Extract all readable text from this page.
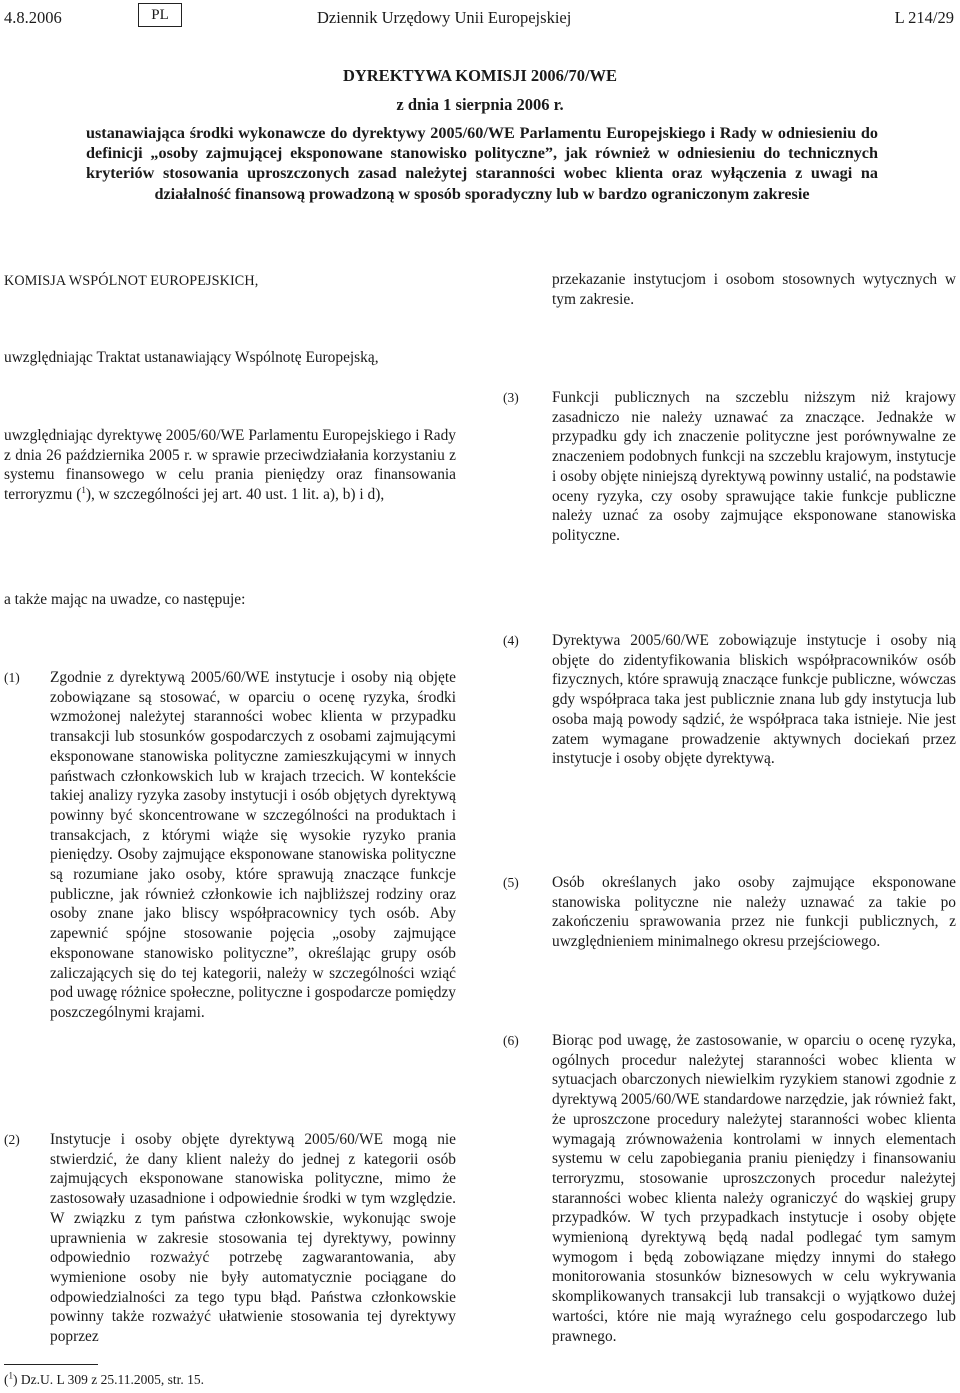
4.8.2006	PL	Dziennik Urzędowy Unii Europejskiej	L 214/29
DYREKTYWA KOMISJI 2006/70/WE
z dnia 1 sierpnia 2006 r.
ustanawiająca środki wykonawcze do dyrektywy 2005/60/WE Parlamentu Europejskiego i Rady w odniesieniu do definicji „osoby zajmującej eksponowane stanowisko polityczne”, jak również w odniesieniu do technicznych kryteriów stosowania uproszczonych zasad należytej staranności wobec klienta oraz wyłączenia z uwagi na działalność finansową prowadzoną w sposób sporadyczny lub w bardzo ograniczonym zakresie
KOMISJA WSPÓLNOT EUROPEJSKICH,
uwzględniając Traktat ustanawiający Wspólnotę Europejską,
uwzględniając dyrektywę 2005/60/WE Parlamentu Europejskiego i Rady z dnia 26 października 2005 r. w sprawie przeciwdziałania korzystaniu z systemu finansowego w celu prania pieniędzy oraz finansowania terroryzmu ($^1$), w szczególności jej art. 40 ust. 1 lit. a), b) i d),
a także mając na uwadze, co następuje:
(1) Zgodnie z dyrektywą 2005/60/WE instytucje i osoby nią objęte zobowiązane są stosować, w oparciu o ocenę ryzyka, środki wzmożonej należytej staranności wobec klienta w przypadku transakcji lub stosunków gospodarczych z osobami zajmującymi eksponowane stanowiska polityczne zamieszkującymi w innych państwach członkowskich lub w krajach trzecich. W kontekście takiej analizy ryzyka zasoby instytucji i osób objętych dyrektywą powinny być skoncentrowane w szczególności na produktach i transakcjach, z którymi wiąże się wysokie ryzyko prania pieniędzy. Osoby zajmujące eksponowane stanowiska polityczne są rozumiane jako osoby, które sprawują znaczące funkcje publiczne, jak również członkowie ich najbliższej rodziny oraz osoby znane jako bliscy współpracownicy tych osób. Aby zapewnić spójne stosowanie pojęcia „osoby zajmujące eksponowane stanowisko polityczne”, określając grupy osób zaliczających się do tej kategorii, należy w szczególności wziąć pod uwagę różnice społeczne, polityczne i gospodarcze pomiędzy poszczególnymi krajami.
(2) Instytucje i osoby objęte dyrektywą 2005/60/WE mogą nie stwierdzić, że dany klient należy do jednej z kategorii osób zajmujących eksponowane stanowiska polityczne, mimo że zastosowały uzasadnione i odpowiednie środki w tym względzie. W związku z tym państwa członkowskie, wykonując swoje uprawnienia w zakresie stosowania tej dyrektywy, powinny odpowiednio rozważyć potrzebę zagwarantowania, aby wymienione osoby nie były automatycznie pociągane do odpowiedzialności za tego typu błąd. Państwa członkowskie powinny także rozważyć ułatwienie stosowania tej dyrektywy poprzez
przekazanie instytucjom i osobom stosownych wytycznych w tym zakresie.
(3) Funkcji publicznych na szczeblu niższym niż krajowy zasadniczo nie należy uznawać za znaczące. Jednakże w przypadku gdy ich znaczenie polityczne jest porównywalne ze znaczeniem podobnych funkcji na szczeblu krajowym, instytucje i osoby objęte niniejszą dyrektywą powinny ustalić, na podstawie oceny ryzyka, czy osoby sprawujące takie funkcje publiczne należy uznać za osoby zajmujące eksponowane stanowiska polityczne.
(4) Dyrektywa 2005/60/WE zobowiązuje instytucje i osoby nią objęte do zidentyfikowania bliskich współpracowników osób fizycznych, które sprawują znaczące funkcje publiczne, wówczas gdy współpraca taka jest publicznie znana lub gdy instytucja lub osoba mają powody sądzić, że współpraca taka istnieje. Nie jest zatem wymagane prowadzenie aktywnych dociekań przez instytucje i osoby objęte dyrektywą.
(5) Osób określanych jako osoby zajmujące eksponowane stanowiska polityczne nie należy uznawać za takie po zakończeniu sprawowania przez nie funkcji publicznych, z uwzględnieniem minimalnego okresu przejściowego.
(6) Biorąc pod uwagę, że zastosowanie, w oparciu o ocenę ryzyka, ogólnych procedur należytej staranności wobec klienta w sytuacjach obarczonych niewielkim ryzykiem stanowi zgodnie z dyrektywą 2005/60/WE standardowe narzędzie, jak również fakt, że uproszczone procedury należytej staranności wobec klienta wymagają zrównoważenia kontrolami w innych elementach systemu w celu zapobiegania praniu pieniędzy i finansowaniu terroryzmu, stosowanie uproszczonych procedur należytej staranności wobec klienta należy ograniczyć do wąskiej grupy przypadków. W tych przypadkach instytucje i osoby objęte wymienioną dyrektywą będą nadal podlegać tym samym wymogom i będą zobowiązane między innymi do stałego monitorowania stosunków biznesowych w celu wykrywania skomplikowanych transakcji lub transakcji o wyjątkowo dużej wartości, które nie mają wyraźnego celu gospodarczego lub prawnego.
($^1$) Dz.U. L 309 z 25.11.2005, str. 15.
